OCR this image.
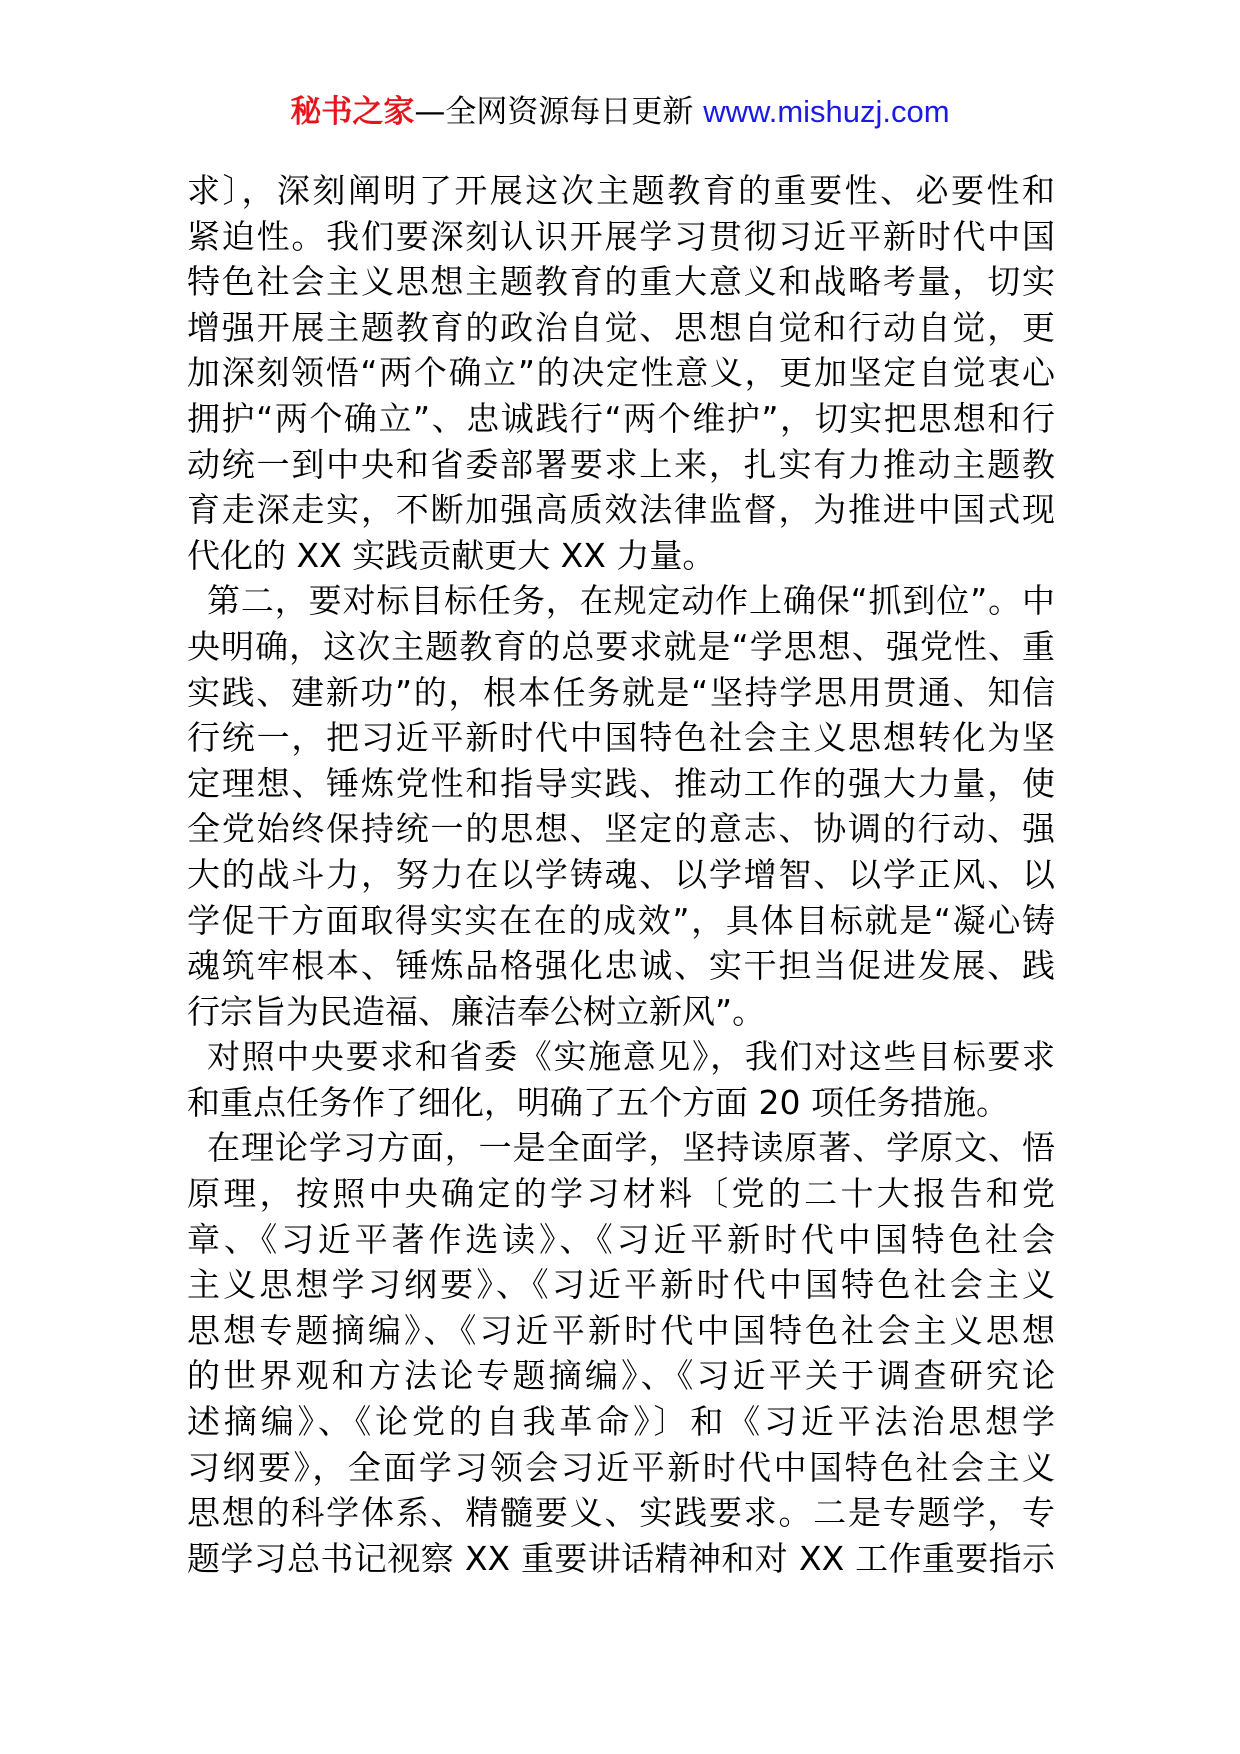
秘书之家—全网资源每日更新 www.mishuzj.com
求〕，深刻阐明了开展这次主题教育的重要性、必要性和
紧迫性。我们要深刻认识开展学习贯彻习近平新时代中国
特色社会主义思想主题教育的重大意义和战略考量，切实
增强开展主题教育的政治自觉、思想自觉和行动自觉，更
加深刻领悟“两个确立”的决定性意义，更加坚定自觉衷心
拥护“两个确立”、忠诚践行“两个维护”，切实把思想和行
动统一到中央和省委部署要求上来，扎实有力推动主题教
育走深走实，不断加强高质效法律监督，为推进中国式现
代化的 XX 实践贡献更大 XX 力量。
第二，要对标目标任务，在规定动作上确保“抓到位”。中
央明确，这次主题教育的总要求就是“学思想、强党性、重
实践、建新功”的，根本任务就是“坚持学思用贯通、知信
行统一，把习近平新时代中国特色社会主义思想转化为坚
定理想、锤炼党性和指导实践、推动工作的强大力量，使
全党始终保持统一的思想、坚定的意志、协调的行动、强
大的战斗力，努力在以学铸魂、以学增智、以学正风、以
学促干方面取得实实在在的成效”，具体目标就是“凝心铸
魂筑牢根本、锤炼品格强化忠诚、实干担当促进发展、践
行宗旨为民造福、廉洁奉公树立新风”。
对照中央要求和省委《实施意见》，我们对这些目标要求
和重点任务作了细化，明确了五个方面 20 项任务措施。
在理论学习方面，一是全面学，坚持读原著、学原文、悟
原理，按照中央确定的学习材料〔党的二十大报告和党
章、《习近平著作选读》、《习近平新时代中国特色社会
主义思想学习纲要》、《习近平新时代中国特色社会主义
思想专题摘编》、《习近平新时代中国特色社会主义思想
的世界观和方法论专题摘编》、《习近平关于调查研究论
述摘编》、《论党的自我革命》〕和《习近平法治思想学
习纲要》，全面学习领会习近平新时代中国特色社会主义
思想的科学体系、精髓要义、实践要求。二是专题学，专
题学习总书记视察 XX 重要讲话精神和对 XX 工作重要指示
